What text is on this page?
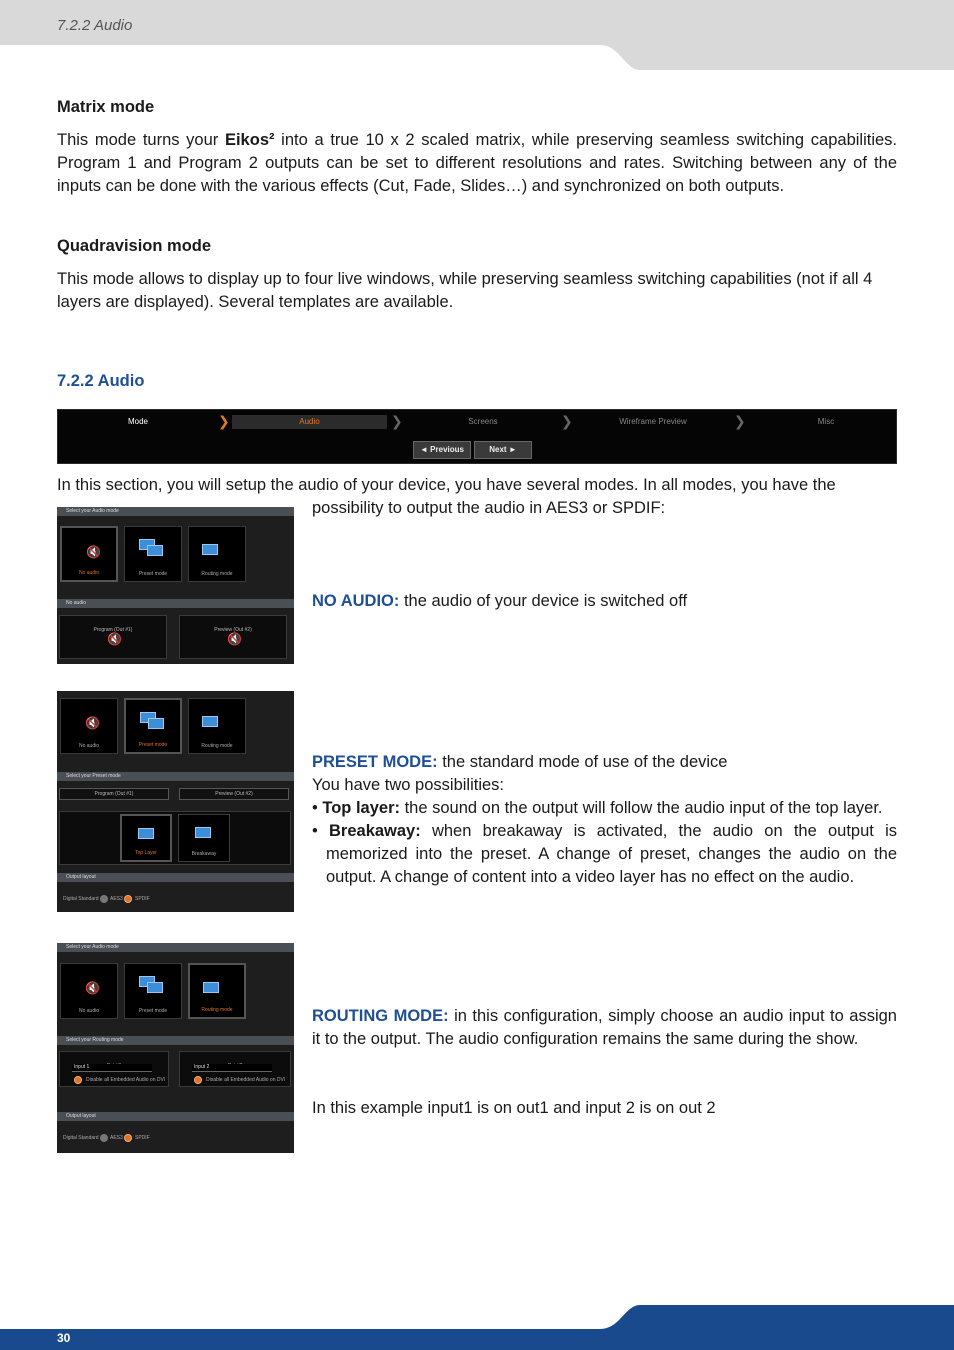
7.2.2 Audio
Matrix mode
This mode turns your Eikos² into a true 10 x 2 scaled matrix, while preserving seamless switching capabilities. Program 1 and Program 2 outputs can be set to different resolutions and rates. Switching between any of the inputs can be done with the various effects (Cut, Fade, Slides…) and synchronized on both outputs.
Quadravision mode
This mode allows to display up to four live windows, while preserving seamless switching capabilities (not if all 4 layers are displayed). Several templates are available.
7.2.2 Audio
Mode	❯	Audio	❯	Screens	❯	Wireframe Preview	❯	Misc
◄ Previous	Next ►
In this section, you will setup the audio of your device, you have several modes. In all modes, you have the
possibility to output the audio in AES3 or SPDIF:
Select your Audio mode
🔇
No audio	Preset mode	Routing mode
No audio
Program (Out #1)
🔇
Preview (Out #2)
🔇
NO AUDIO: the audio of your device is switched off
🔇
No audio	Preset mode	Routing mode
Select your Preset mode
Program (Out #1)	Preview (Out #2)
Top Layer	Breakaway
Output layout
Digital Standard AES3 SPDIF
PRESET MODE: the standard mode of use of the device
You have two possibilities:
• Top layer: the sound on the output will follow the audio input of the top layer.
• Breakaway: when breakaway is activated, the audio on the output is memorized into the preset. A change of preset, changes the audio on the output. A change of content into a video layer has no effect on the audio.
Select your Audio mode
🔇
No audio	Preset mode	Routing mode
Select your Routing mode
Input 1
Disable all Embedded Audio on DVI
Input 2
Disable all Embedded Audio on DVI
Output layout
Digital Standard AES3 SPDIF
ROUTING MODE: in this configuration, simply choose an audio input to assign it to the output. The audio configuration remains the same during the show.
In this example input1 is on out1 and input 2 is on out 2
30
